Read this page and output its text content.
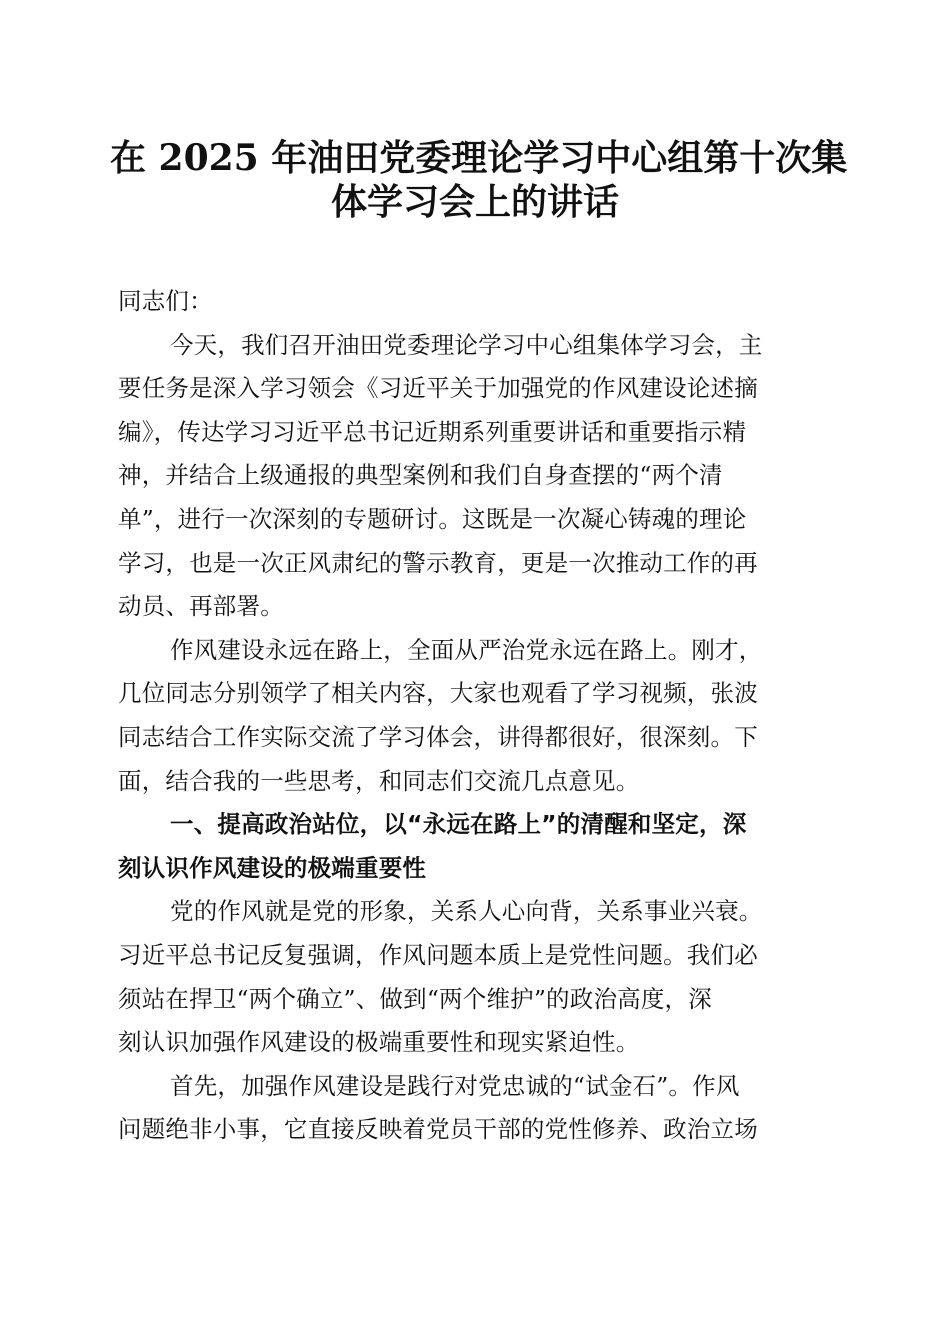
在 2025 年油田党委理论学习中心组第十次集
体学习会上的讲话
同志们：
今天，我们召开油田党委理论学习中心组集体学习会，主
要任务是深入学习领会《习近平关于加强党的作风建设论述摘
编》，传达学习习近平总书记近期系列重要讲话和重要指示精
神，并结合上级通报的典型案例和我们自身查摆的“两个清
单”，进行一次深刻的专题研讨。这既是一次凝心铸魂的理论
学习，也是一次正风肃纪的警示教育，更是一次推动工作的再
动员、再部署。
作风建设永远在路上，全面从严治党永远在路上。刚才，
几位同志分别领学了相关内容，大家也观看了学习视频，张波
同志结合工作实际交流了学习体会，讲得都很好，很深刻。下
面，结合我的一些思考，和同志们交流几点意见。
一、提高政治站位，以“永远在路上”的清醒和坚定，深
刻认识作风建设的极端重要性
党的作风就是党的形象，关系人心向背，关系事业兴衰。
习近平总书记反复强调，作风问题本质上是党性问题。我们必
须站在捍卫“两个确立”、做到“两个维护”的政治高度，深
刻认识加强作风建设的极端重要性和现实紧迫性。
首先，加强作风建设是践行对党忠诚的“试金石”。作风
问题绝非小事，它直接反映着党员干部的党性修养、政治立场
